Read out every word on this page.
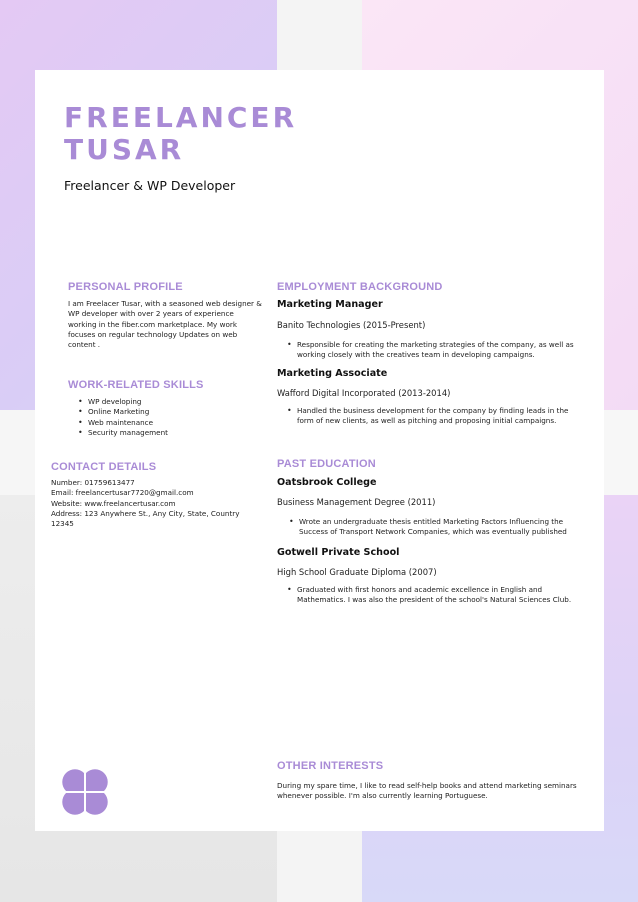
FREELANCER
TUSAR
Freelancer & WP Developer
PERSONAL PROFILE
I am Freelacer Tusar, with a seasoned web designer & WP developer with over 2 years of experience working in the fiber.com marketplace. My work focuses on regular technology Updates on web content .
WORK-RELATED SKILLS
• WP developing
• Online Marketing
• Web maintenance
• Security management
CONTACT DETAILS
Number: 01759613477
Email: freelancertusar7720@gmail.com
Website: www.freelancertusar.com
Address: 123 Anywhere St., Any City, State, Country 12345
EMPLOYMENT BACKGROUND
Marketing Manager
Banito Technologies (2015-Present)
• Responsible for creating the marketing strategies of the company, as well as working closely with the creatives team in developing campaigns.
Marketing Associate
Wafford Digital Incorporated (2013-2014)
• Handled the business development for the company by finding leads in the form of new clients, as well as pitching and proposing initial campaigns.
PAST EDUCATION
Oatsbrook College
Business Management Degree (2011)
• Wrote an undergraduate thesis entitled Marketing Factors Influencing the Success of Transport Network Companies, which was eventually published
Gotwell Private School
High School Graduate Diploma (2007)
• Graduated with first honors and academic excellence in English and Mathematics. I was also the president of the school's Natural Sciences Club.
OTHER INTERESTS
During my spare time, I like to read self-help books and attend marketing seminars whenever possible. I'm also currently learning Portuguese.
